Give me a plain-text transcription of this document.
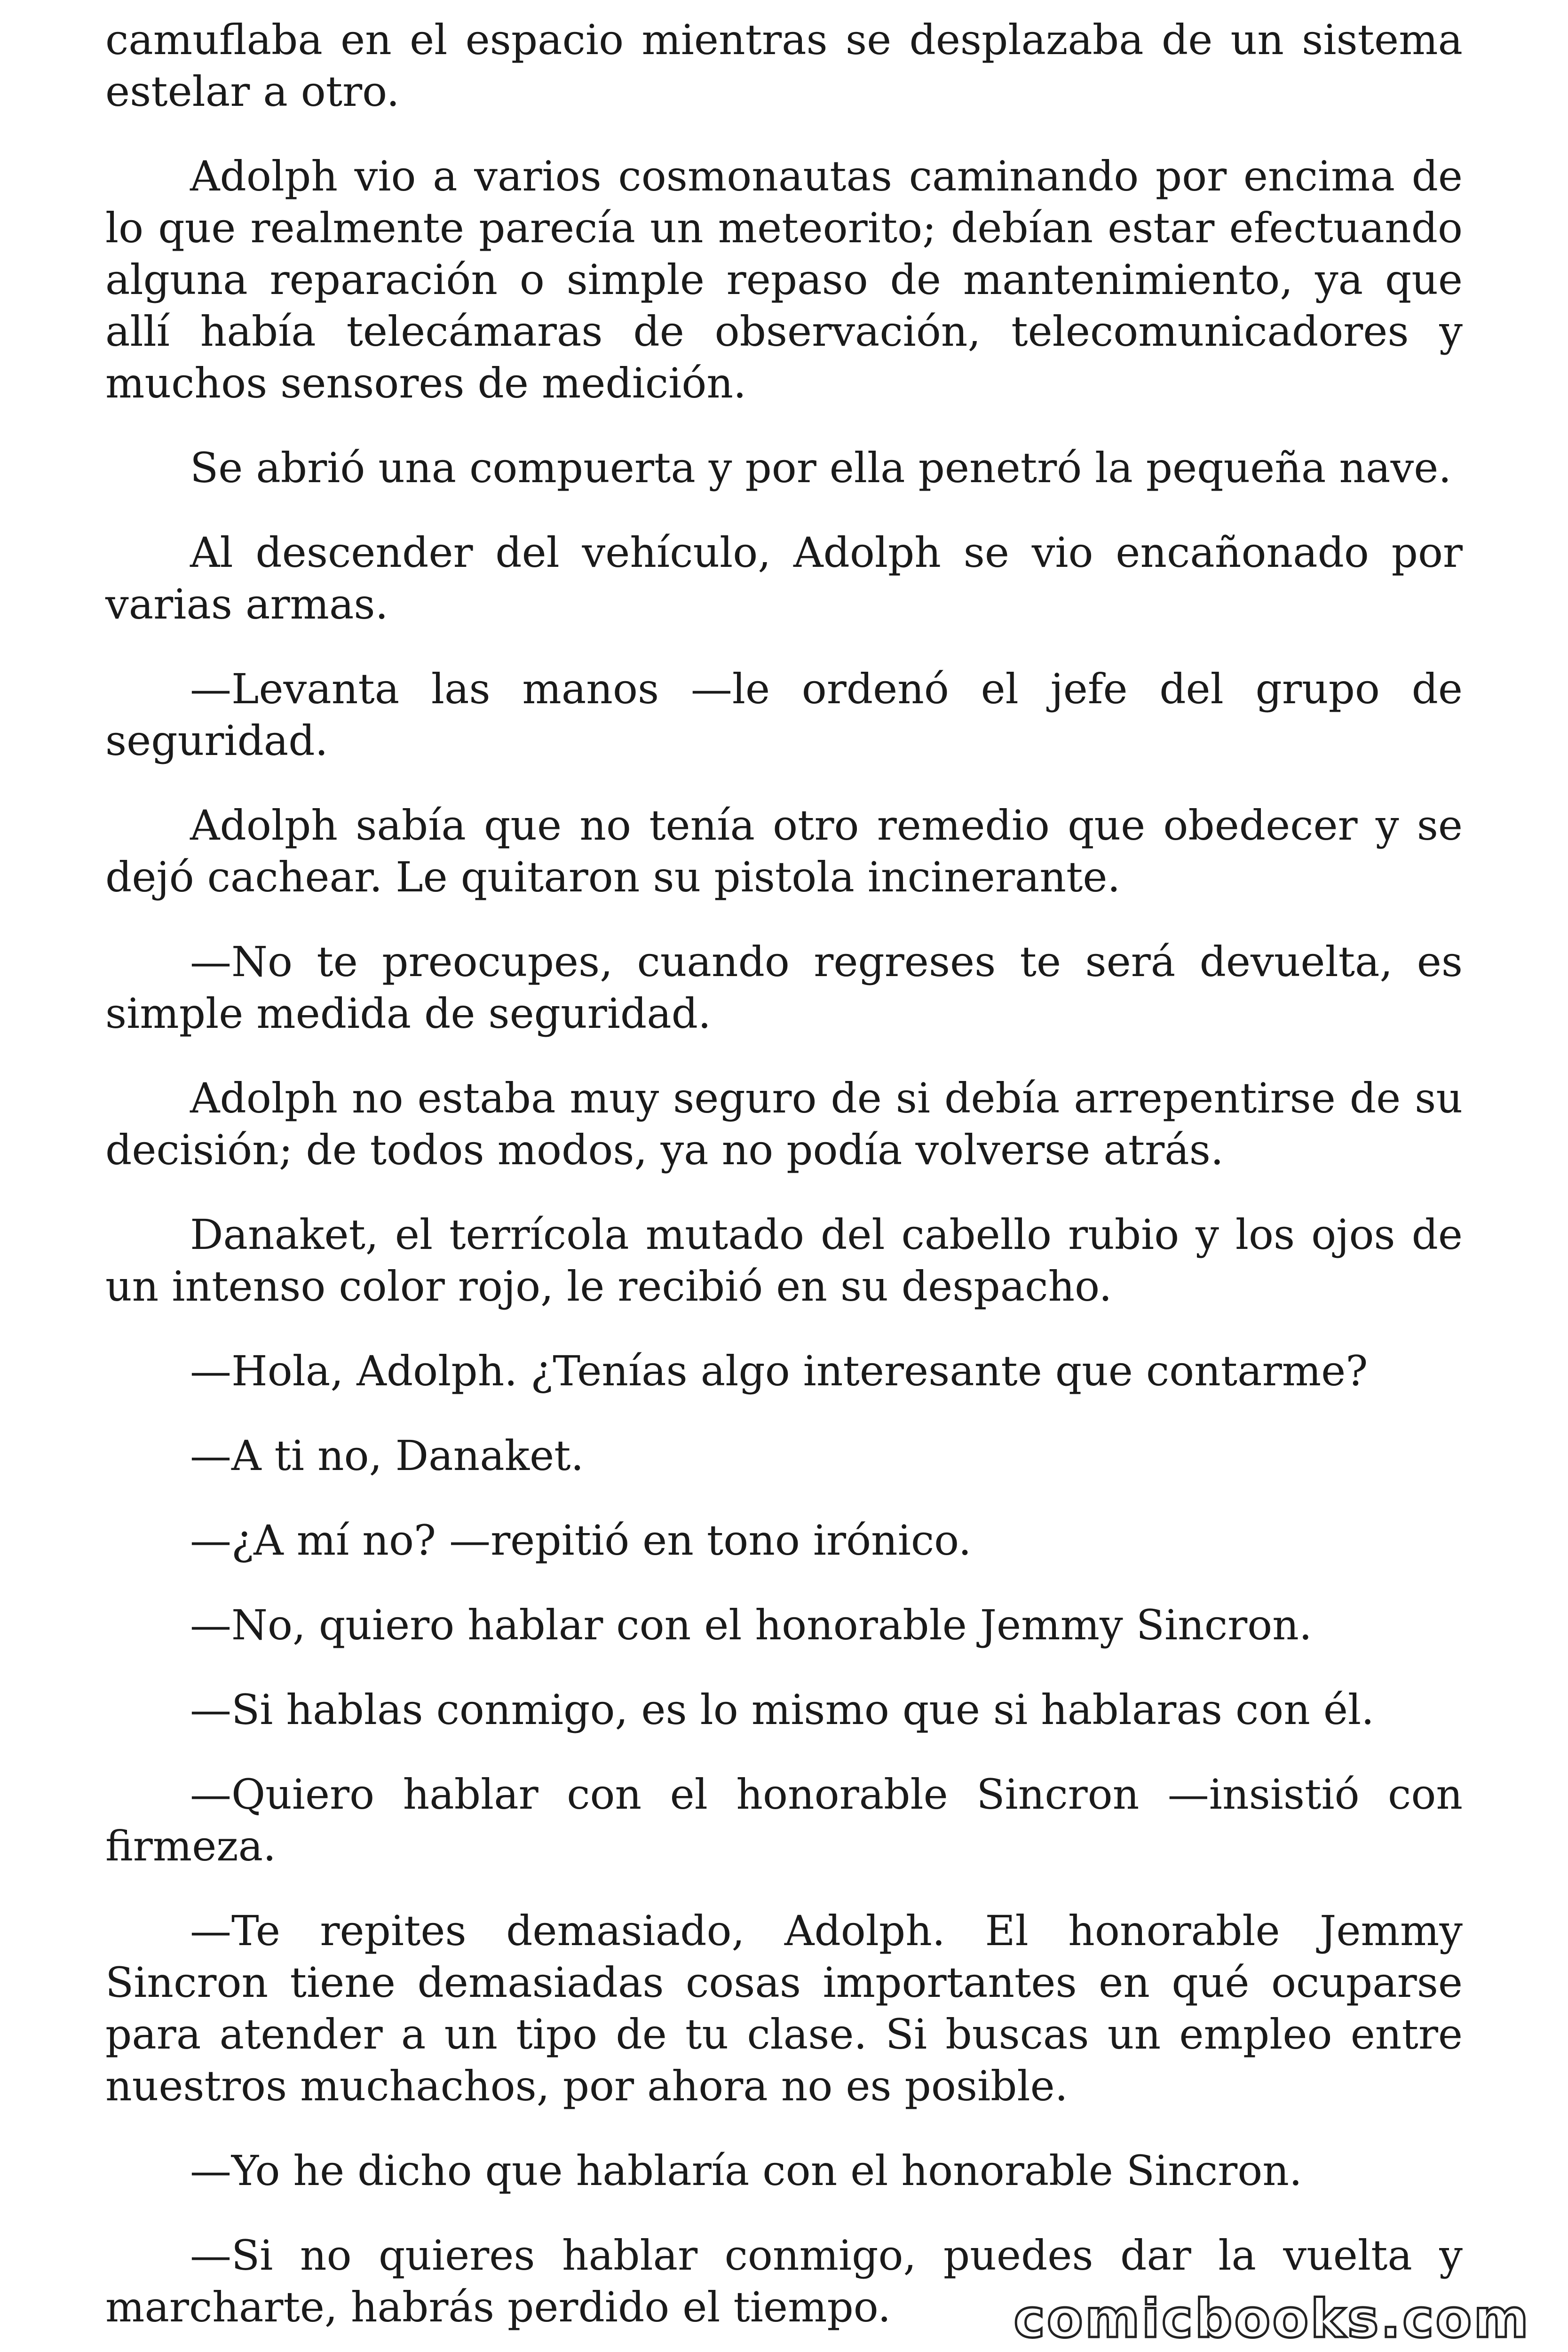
camuflaba en el espacio mientras se desplazaba de un sistema estelar a otro.

Adolph vio a varios cosmonautas caminando por encima de lo que realmente parecía un meteorito; debían estar efectuando alguna reparación o simple repaso de mantenimiento, ya que allí había telecámaras de observación, telecomunicadores y muchos sensores de medición.

Se abrió una compuerta y por ella penetró la pequeña nave.

Al descender del vehículo, Adolph se vio encañonado por varias armas.

—Levanta las manos —le ordenó el jefe del grupo de seguridad.

Adolph sabía que no tenía otro remedio que obedecer y se dejó cachear. Le quitaron su pistola incinerante.

—No te preocupes, cuando regreses te será devuelta, es simple medida de seguridad.

Adolph no estaba muy seguro de si debía arrepentirse de su decisión; de todos modos, ya no podía volverse atrás.

Danaket, el terrícola mutado del cabello rubio y los ojos de un intenso color rojo, le recibió en su despacho.

—Hola, Adolph. ¿Tenías algo interesante que contarme?

—A ti no, Danaket.

—¿A mí no? —repitió en tono irónico.

—No, quiero hablar con el honorable Jemmy Sincron.

—Si hablas conmigo, es lo mismo que si hablaras con él.

—Quiero hablar con el honorable Sincron —insistió con firmeza.

—Te repites demasiado, Adolph. El honorable Jemmy Sincron tiene demasiadas cosas importantes en qué ocuparse para atender a un tipo de tu clase. Si buscas un empleo entre nuestros muchachos, por ahora no es posible.

—Yo he dicho que hablaría con el honorable Sincron.

—Si no quieres hablar conmigo, puedes dar la vuelta y marcharte, habrás perdido el tiempo.	comicbooks.com
